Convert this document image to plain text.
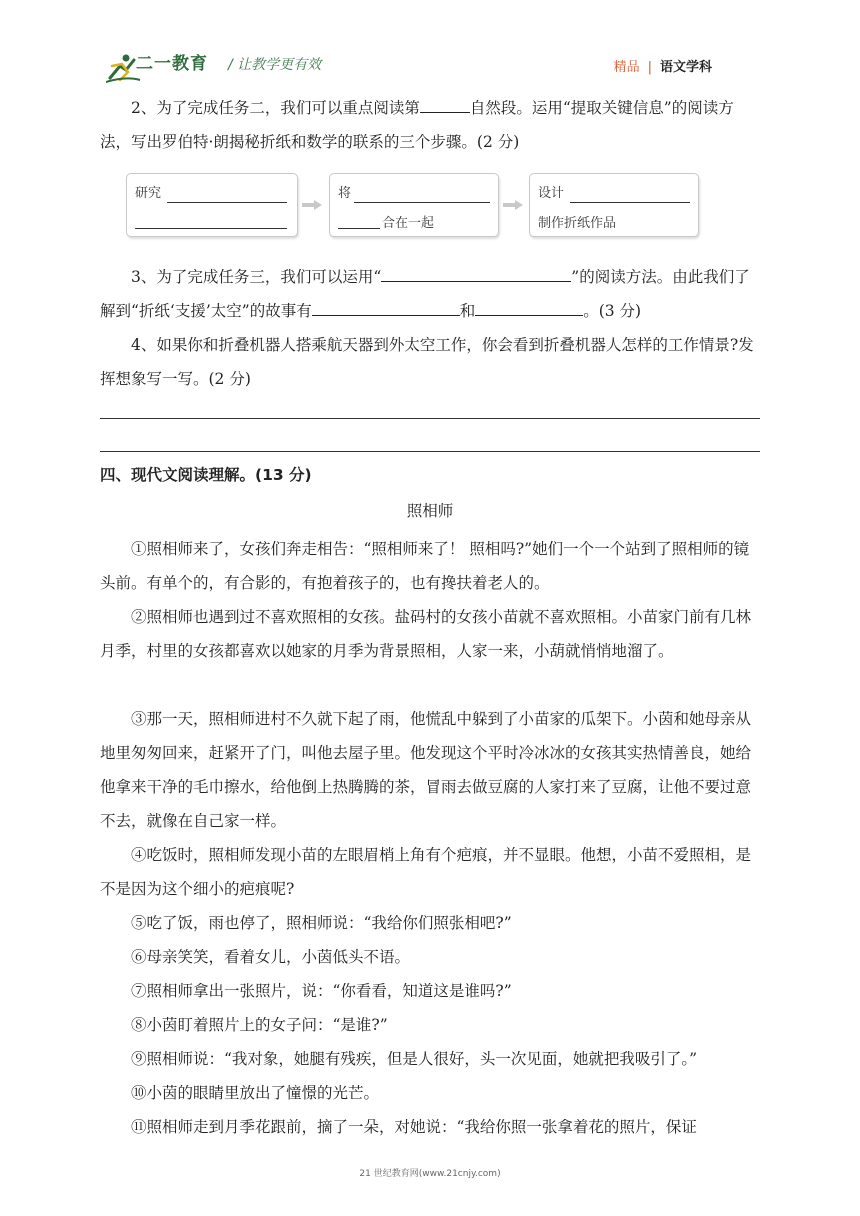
二一教育 / 让教学更有效	精品 | 语文学科

2、为了完成任务二，我们可以重点阅读第	自然段。运用“提取关键信息”的阅读方法，写出罗伯特·朗揭秘折纸和数学的联系的三个步骤。(2 分)

研究	将
合在一起
设计
制作折纸作品

3、为了完成任务三，我们可以运用“	”的阅读方法。由此我们了解到“折纸‘支援’太空”的故事有	和	。(3 分)

4、如果你和折叠机器人搭乘航天器到外太空工作，你会看到折叠机器人怎样的工作情景?发挥想象写一写。(2 分)

四、现代文阅读理解。(13 分)
照相师

①照相师来了，女孩们奔走相告：“照相师来了！ 照相吗?”她们一个一个站到了照相师的镜头前。有单个的，有合影的，有抱着孩子的，也有搀扶着老人的。

②照相师也遇到过不喜欢照相的女孩。盐码村的女孩小苗就不喜欢照相。小苗家门前有几林月季，村里的女孩都喜欢以她家的月季为背景照相，人家一来，小葫就悄悄地溜了。

③那一天，照相师进村不久就下起了雨，他慌乱中躲到了小苗家的瓜架下。小茵和她母亲从地里匆匆回来，赶紧开了门，叫他去屋子里。他发现这个平时冷冰冰的女孩其实热情善良，她给他拿来干净的毛巾擦水，给他倒上热腾腾的茶，冒雨去做豆腐的人家打来了豆腐，让他不要过意不去，就像在自己家一样。

④吃饭时，照相师发现小苗的左眼眉梢上角有个疤痕，并不显眼。他想，小苗不爱照相，是不是因为这个细小的疤痕呢?

⑤吃了饭，雨也停了，照相师说：“我给你们照张相吧?”

⑥母亲笑笑，看着女儿，小茵低头不语。

⑦照相师拿出一张照片，说：“你看看，知道这是谁吗?”

⑧小茵盯着照片上的女子问：“是谁?”

⑨照相师说：“我对象，她腿有残疾，但是人很好，头一次见面，她就把我吸引了。”

⑩小茵的眼睛里放出了憧憬的光芒。

⑪照相师走到月季花跟前，摘了一朵，对她说：“我给你照一张拿着花的照片，保证

21 世纪教育网(www.21cnjy.com)
